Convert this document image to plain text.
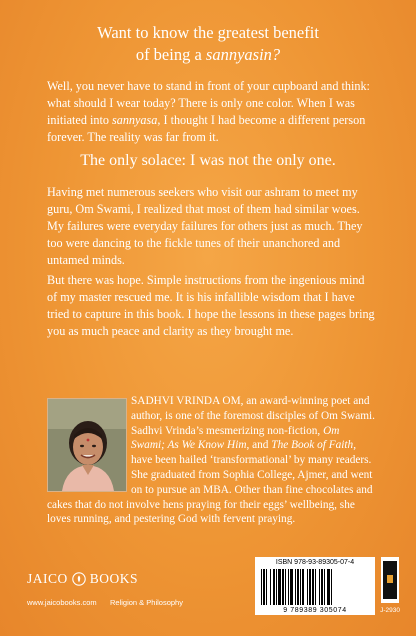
Want to know the greatest benefit
of being a sannyasin?

Well, you never have to stand in front of your cupboard and think: what should I wear today? There is only one color. When I was initiated into sannyasa, I thought I had become a different person forever. The reality was far from it.

The only solace: I was not the only one.

Having met numerous seekers who visit our ashram to meet my guru, Om Swami, I realized that most of them had similar woes. My failures were everyday failures for others just as much. They too were dancing to the fickle tunes of their unanchored and untamed minds.

But there was hope. Simple instructions from the ingenious mind of my master rescued me. It is his infallible wisdom that I have tried to capture in this book. I hope the lessons in these pages bring you as much peace and clarity as they brought me.

SADHVI VRINDA OM, an award-winning poet and author, is one of the foremost disciples of Om Swami. Sadhvi Vrinda’s mesmerizing non-fiction, Om Swami; As We Know Him, and The Book of Faith, have been hailed ‘transformational’ by many readers. She graduated from Sophia College, Ajmer, and went on to pursue an MBA. Other than fine chocolates and cakes that do not involve hens praying for their eggs’ wellbeing, she loves running, and pestering God with fervent praying.

JAICO BOOKS
www.jaicobooks.com Religion & Philosophy
ISBN 978-93-89305-07-4
9 789389 305074	J-2930
